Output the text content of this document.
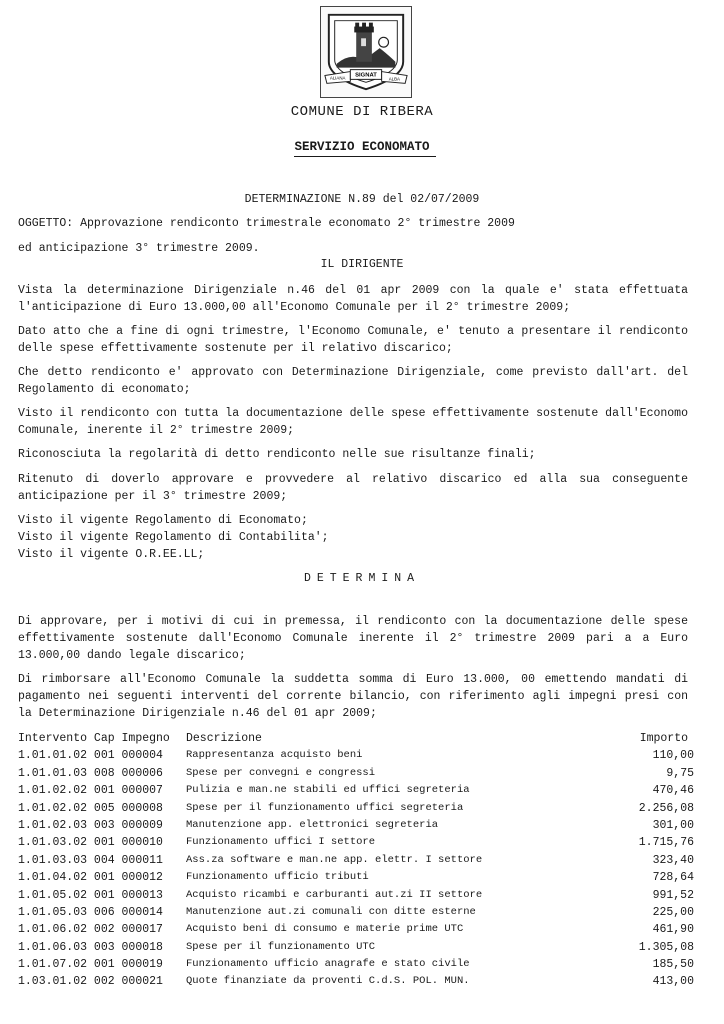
ALIANA SIGNAT
ALBA
COMUNE DI RIBERA
SERVIZIO ECONOMATO
DETERMINAZIONE N.89 del 02/07/2009
OGGETTO: Approvazione rendiconto trimestrale economato 2° trimestre 2009
ed anticipazione 3° trimestre 2009.
IL DIRIGENTE
Vista la determinazione Dirigenziale n.46 del 01 apr 2009 con la quale e' stata effettuata l'anticipazione di Euro 13.000,00 all'Economo Comunale per il 2° trimestre 2009;
Dato atto che a fine di ogni trimestre, l'Economo Comunale, e' tenuto a presentare il rendiconto delle spese effettivamente sostenute per il relativo discarico;
Che detto rendiconto e' approvato con Determinazione Dirigenziale, come previsto dall'art. del Regolamento di economato;
Visto il rendiconto con tutta la documentazione delle spese effettivamente sostenute dall'Economo Comunale, inerente il 2° trimestre 2009;
Riconosciuta la regolarità di detto rendiconto nelle sue risultanze finali;
Ritenuto di doverlo approvare e provvedere al relativo discarico ed alla sua conseguente anticipazione per il 3° trimestre 2009;
Visto il vigente Regolamento di Economato;
Visto il vigente Regolamento di Contabilita';
Visto il vigente O.R.EE.LL;
DETERMINA
Di approvare, per i motivi di cui in premessa, il rendiconto con la documentazione delle spese effettivamente sostenute dall'Economo Comunale inerente il 2° trimestre 2009 pari a a Euro 13.000,00 dando legale discarico;
Di rimborsare all'Economo Comunale la suddetta somma di Euro 13.000, 00 emettendo mandati di pagamento nei seguenti interventi del corrente bilancio, con riferimento agli impegni presi con la Determinazione Dirigenziale n.46 del 01 apr 2009;
Intervento Cap Impegno	Descrizione	Importo
1.01.01.02 001 000004	Rappresentanza acquisto beni	110,00
1.01.01.03 008 000006	Spese per convegni e congressi	9,75
1.01.02.02 001 000007	Pulizia e man.ne stabili ed uffici segreteria	470,46
1.01.02.02 005 000008	Spese per il funzionamento uffici segreteria	2.256,08
1.01.02.03 003 000009	Manutenzione app. elettronici segreteria	301,00
1.01.03.02 001 000010	Funzionamento uffici I settore	1.715,76
1.01.03.03 004 000011	Ass.za software e man.ne app. elettr. I settore	323,40
1.01.04.02 001 000012	Funzionamento ufficio tributi	728,64
1.01.05.02 001 000013	Acquisto ricambi e carburanti aut.zi II settore	991,52
1.01.05.03 006 000014	Manutenzione aut.zi comunali con ditte esterne	225,00
1.01.06.02 002 000017	Acquisto beni di consumo e materie prime UTC	461,90
1.01.06.03 003 000018	Spese per il funzionamento UTC	1.305,08
1.01.07.02 001 000019	Funzionamento ufficio anagrafe e stato civile	185,50
1.03.01.02 002 000021	Quote finanziate da proventi C.d.S. POL. MUN.	413,00
